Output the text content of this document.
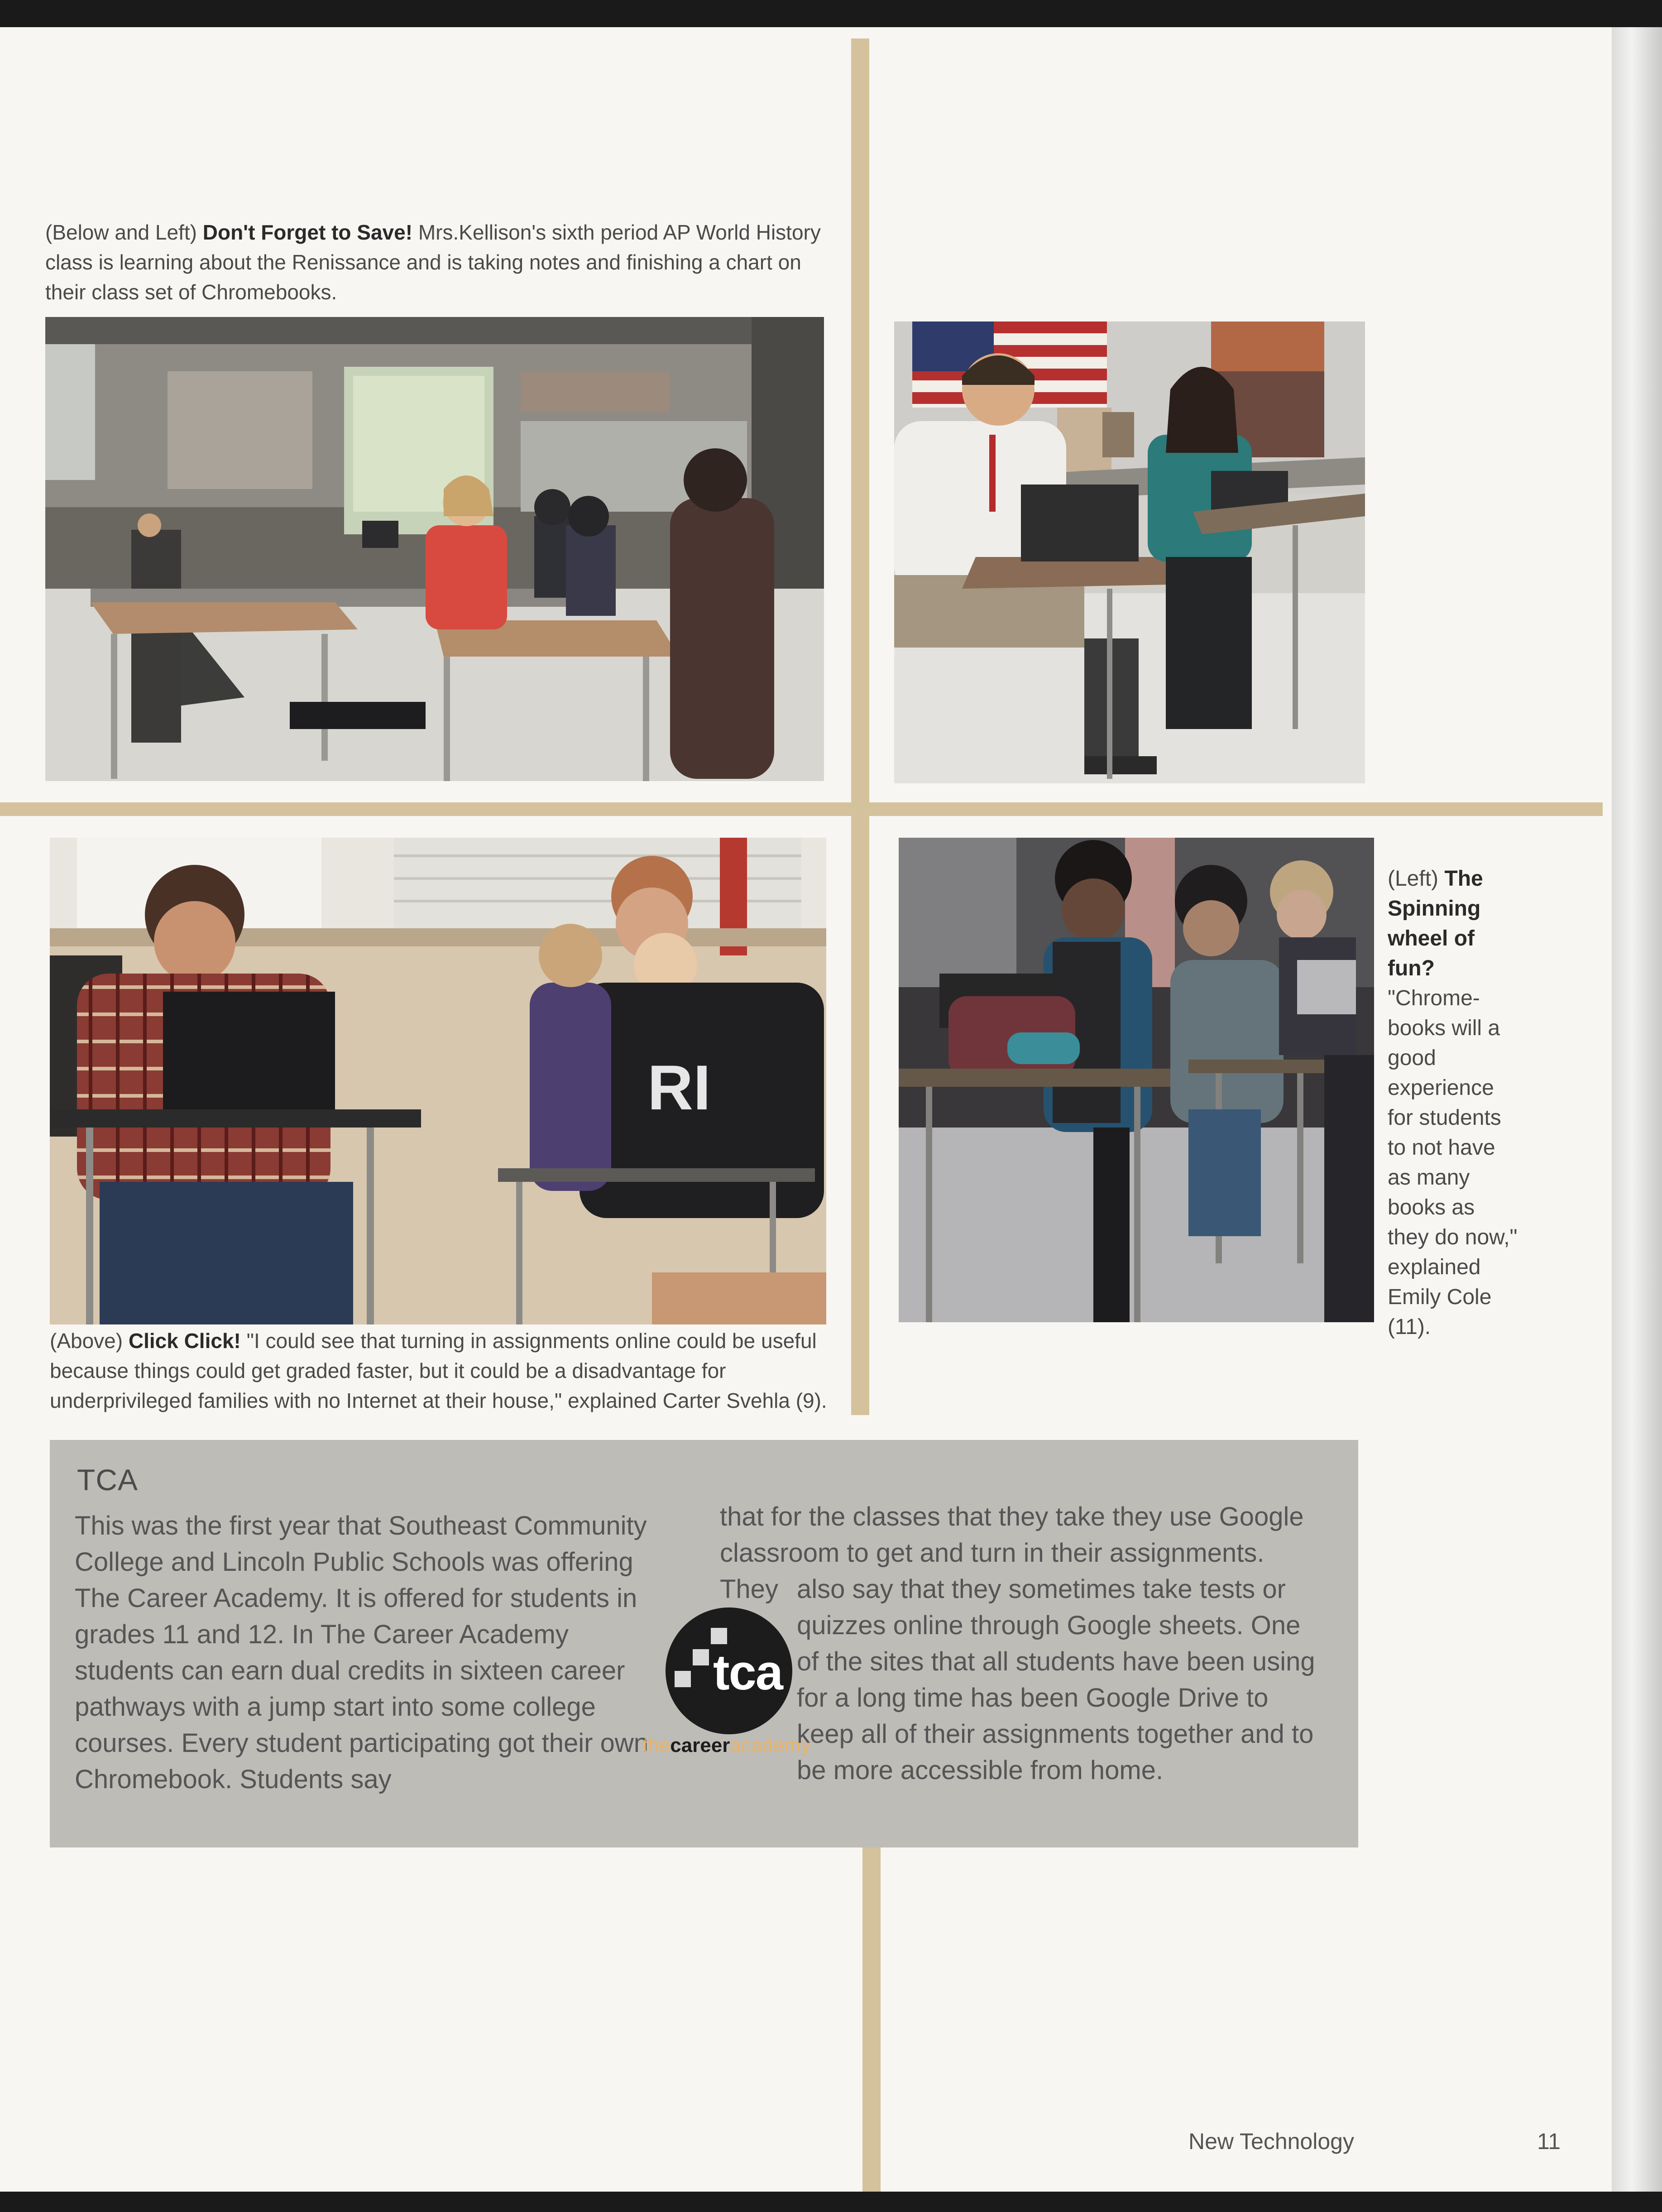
(Below and Left) Don't Forget to Save! Mrs.Kellison's sixth period AP World History class is learning about the Renissance and is taking notes and finishing a chart on their class set of Chromebooks.
RI
(Above) Click Click! "I could see that turning in assignments online could be useful because things could get graded faster, but it could be a disadvantage for underprivileged families with no Internet at their house," explained Carter Svehla (9).
(Left) The Spinning wheel of fun? "Chrome-books will a good experience for students to not have as many books as they do now," explained Emily Cole (11).
TCA
This was the first year that Southeast Community College and Lincoln Public Schools was offering The Career Academy. It is offered for students in grades 11 and 12. In The Career Academy students can earn dual credits in sixteen career pathways with a jump start into some college courses. Every student participating got their own Chromebook. Students say
tca
thecareeracademy
that for the classes that they take they use Google classroom to get and turn in their assignments. They also say that they sometimes take tests or quizzes online through Google sheets. One of the sites that all students have been using for a long time has been Google Drive to keep all of their assignments together and to be more accessible from home.
New Technology	11
